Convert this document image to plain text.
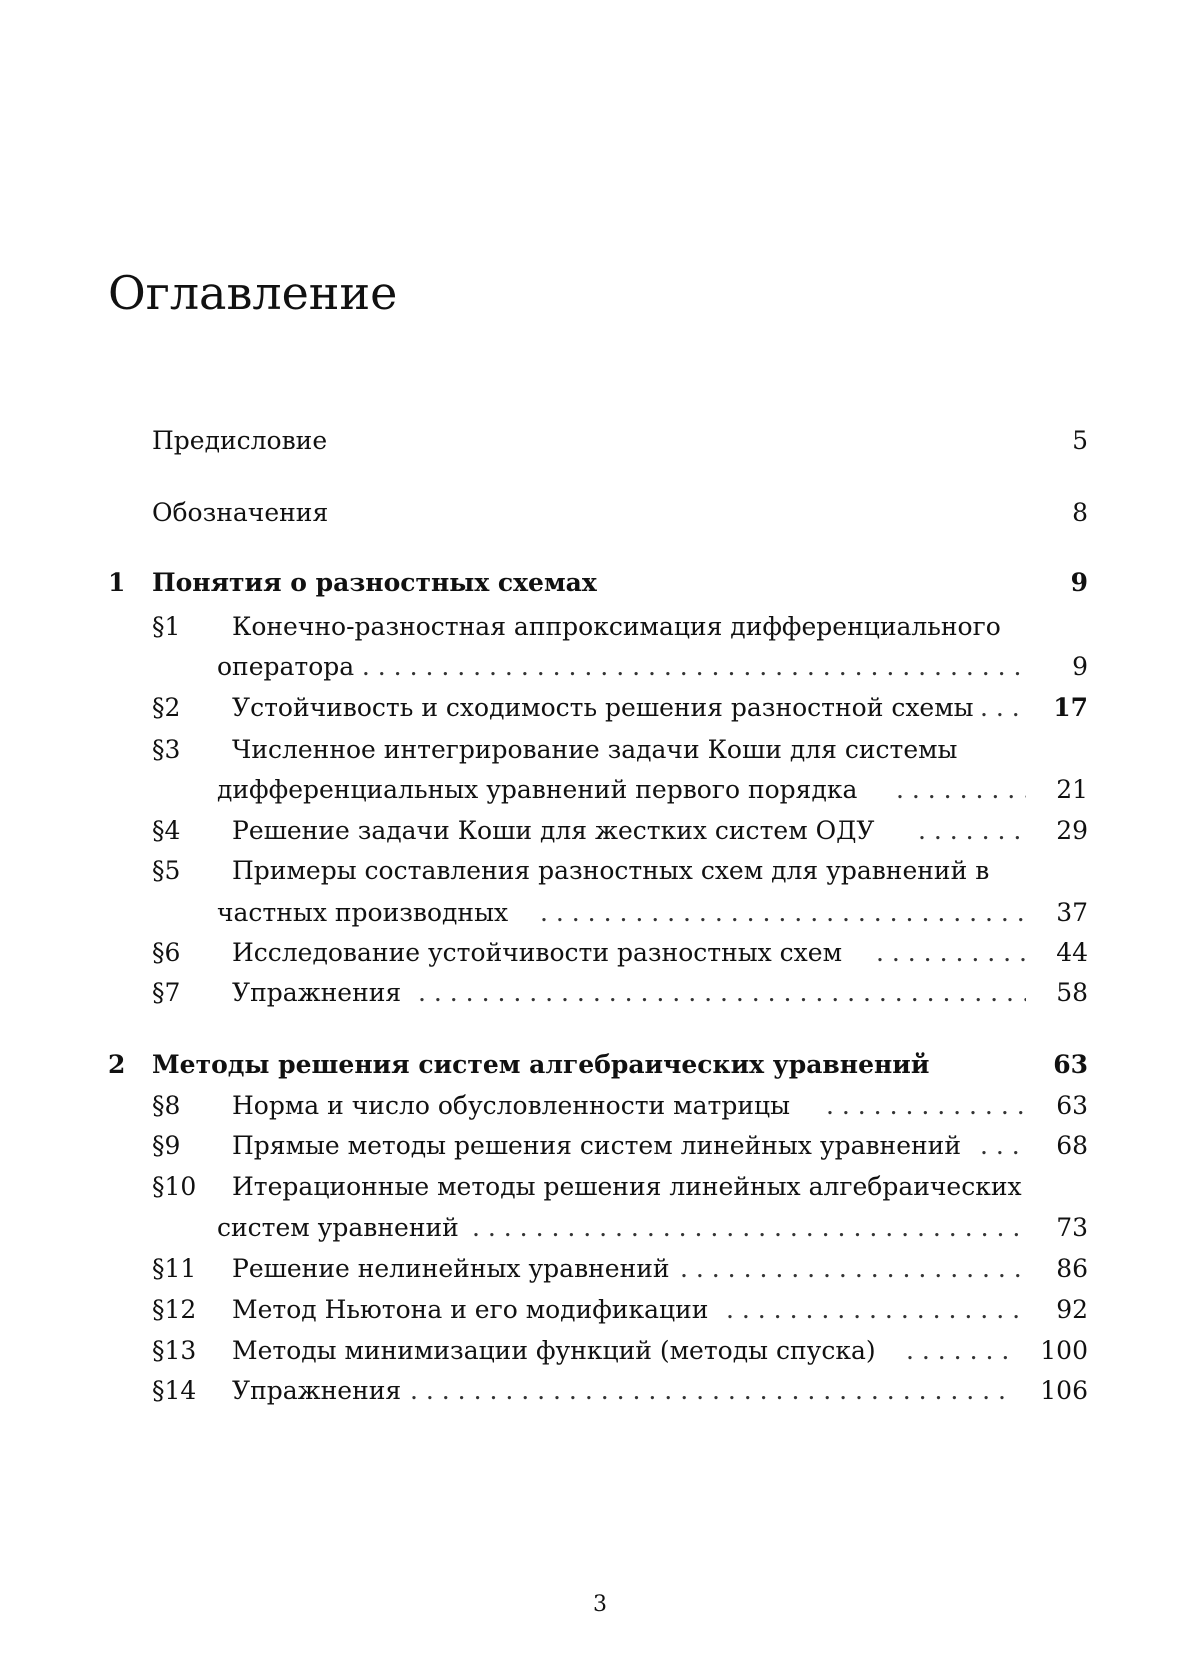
Оглавление
Предисловие	5
Обозначения	8
1 Понятия о разностных схемах	9
§1 Конечно-разностная аппроксимация дифференциального
оператора . . .	9
§2 Устойчивость и сходимость решения разностной схемы . . .	17
§3 Численное интегрирование задачи Коши для системы
дифференциальных уравнений первого порядка . . .	21
§4 Решение задачи Коши для жестких систем ОДУ . . .	29
§5 Примеры составления разностных схем для уравнений в
частных производных . . .	37
§6 Исследование устойчивости разностных схем . . .	44
§7 Упражнения . . .	58
2 Методы решения систем алгебраических уравнений	63
§8 Норма и число обусловленности матрицы . . .	63
§9 Прямые методы решения систем линейных уравнений . . .	68
§10 Итерационные методы решения линейных алгебраических
систем уравнений . . .	73
§11 Решение нелинейных уравнений . . .	86
§12 Метод Ньютона и его модификации . . .	92
§13 Методы минимизации функций (методы спуска) . . .	100
§14 Упражнения . . .	106
3
